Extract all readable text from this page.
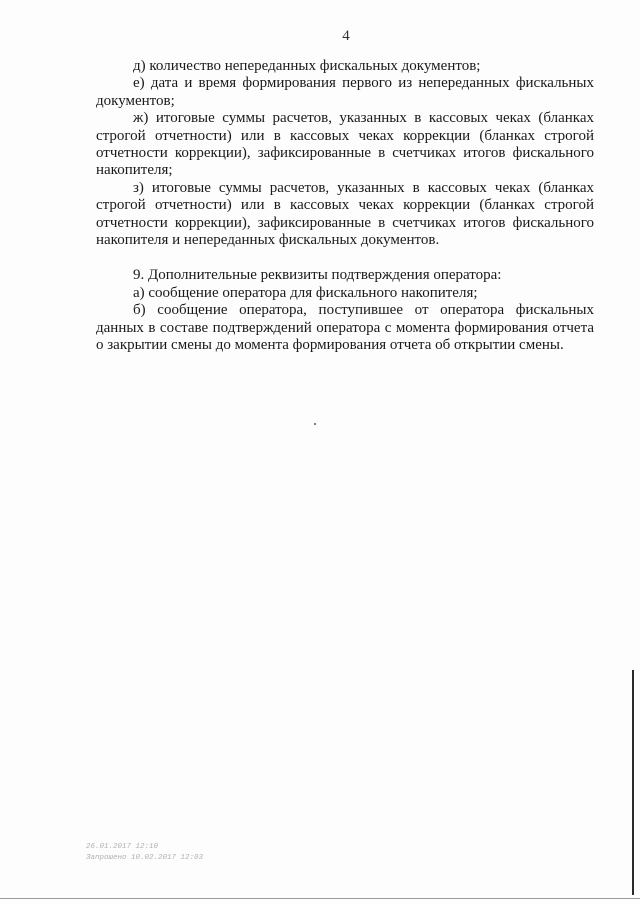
4

д) количество непереданных фискальных документов;

е) дата и время формирования первого из непереданных фискальных документов;

ж) итоговые суммы расчетов, указанных в кассовых чеках (бланках строгой отчетности) или в кассовых чеках коррекции (бланках строгой отчетности коррекции), зафиксированные в счетчиках итогов фискального накопителя;

з) итоговые суммы расчетов, указанных в кассовых чеках (бланках строгой отчетности) или в кассовых чеках коррекции (бланках строгой отчетности коррекции), зафиксированные в счетчиках итогов фискального накопителя и непереданных фискальных документов.

9. Дополнительные реквизиты подтверждения оператора:

а) сообщение оператора для фискального накопителя;

б) сообщение оператора, поступившее от оператора фискальных данных в составе подтверждений оператора с момента формирования отчета о закрытии смены до момента формирования отчета об открытии смены.

26.01.2017 12:10
Запрошено 10.02.2017 12:03
